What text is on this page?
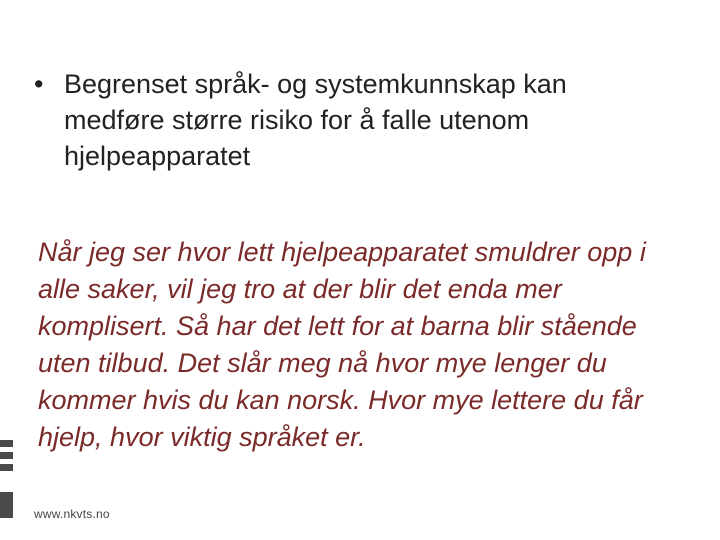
• Begrenset språk- og systemkunnskap kan medføre større risiko for å falle utenom hjelpeapparatet
Når jeg ser hvor lett hjelpeapparatet smuldrer opp i alle saker, vil jeg tro at der blir det enda mer komplisert. Så har det lett for at barna blir stående uten tilbud. Det slår meg nå hvor mye lenger du kommer hvis du kan norsk. Hvor mye lettere du får hjelp, hvor viktig språket er.
www.nkvts.no
